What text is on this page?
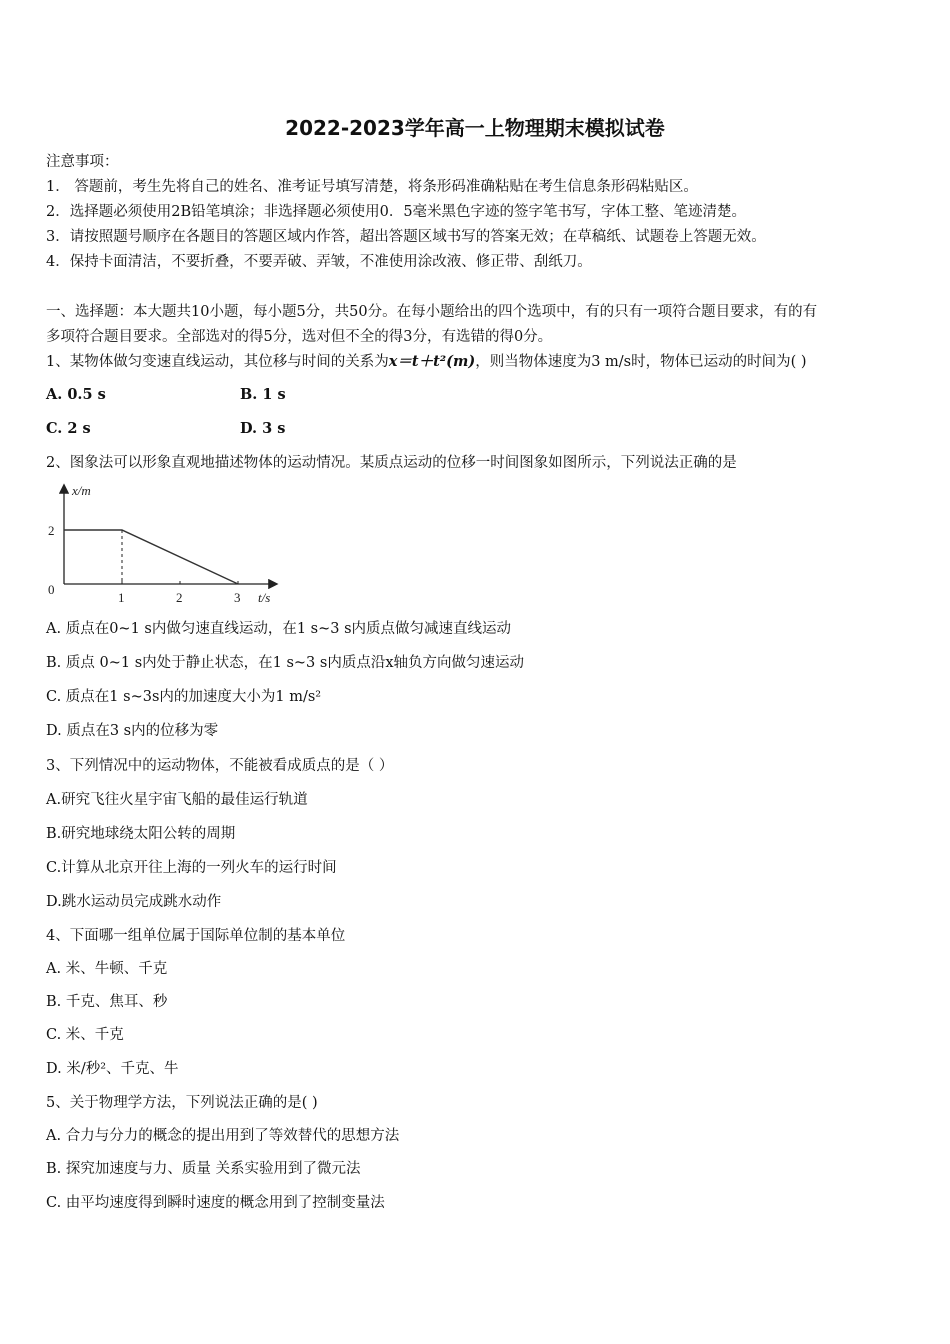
2022-2023学年高一上物理期末模拟试卷
注意事项：
1． 答题前，考生先将自己的姓名、准考证号填写清楚，将条形码准确粘贴在考生信息条形码粘贴区。
2．选择题必须使用2B铅笔填涂；非选择题必须使用0．5毫米黑色字迹的签字笔书写，字体工整、笔迹清楚。
3．请按照题号顺序在各题目的答题区域内作答，超出答题区域书写的答案无效；在草稿纸、试题卷上答题无效。
4．保持卡面清洁，不要折叠，不要弄破、弄皱，不准使用涂改液、修正带、刮纸刀。
一、选择题：本大题共10小题，每小题5分，共50分。在每小题给出的四个选项中，有的只有一项符合题目要求，有的有
多项符合题目要求。全部选对的得5分，选对但不全的得3分，有选错的得0分。
1、某物体做匀变速直线运动，其位移与时间的关系为x＝t＋t²(m)，则当物体速度为3 m/s时，物体已运动的时间为( )
A. 0.5 s	B. 1 s
C. 2 s	D. 3 s
2、图象法可以形象直观地描述物体的运动情况。某质点运动的位移一时间图象如图所示，下列说法正确的是
x/m
t/s
0
1	2	3
2
A. 质点在0~1 s内做匀速直线运动，在1 s~3 s内质点做匀减速直线运动
B. 质点 0~1 s内处于静止状态，在1 s~3 s内质点沿x轴负方向做匀速运动
C. 质点在1 s~3s内的加速度大小为1 m/s²
D. 质点在3 s内的位移为零
3、下列情况中的运动物体，不能被看成质点的是（ ）
A.研究飞往火星宇宙飞船的最佳运行轨道
B.研究地球绕太阳公转的周期
C.计算从北京开往上海的一列火车的运行时间
D.跳水运动员完成跳水动作
4、下面哪一组单位属于国际单位制的基本单位
A. 米、牛顿、千克
B. 千克、焦耳、秒
C. 米、千克
D. 米/秒²、千克、牛
5、关于物理学方法，下列说法正确的是( )
A. 合力与分力的概念的提出用到了等效替代的思想方法
B. 探究加速度与力、质量 关系实验用到了微元法
C. 由平均速度得到瞬时速度的概念用到了控制变量法
